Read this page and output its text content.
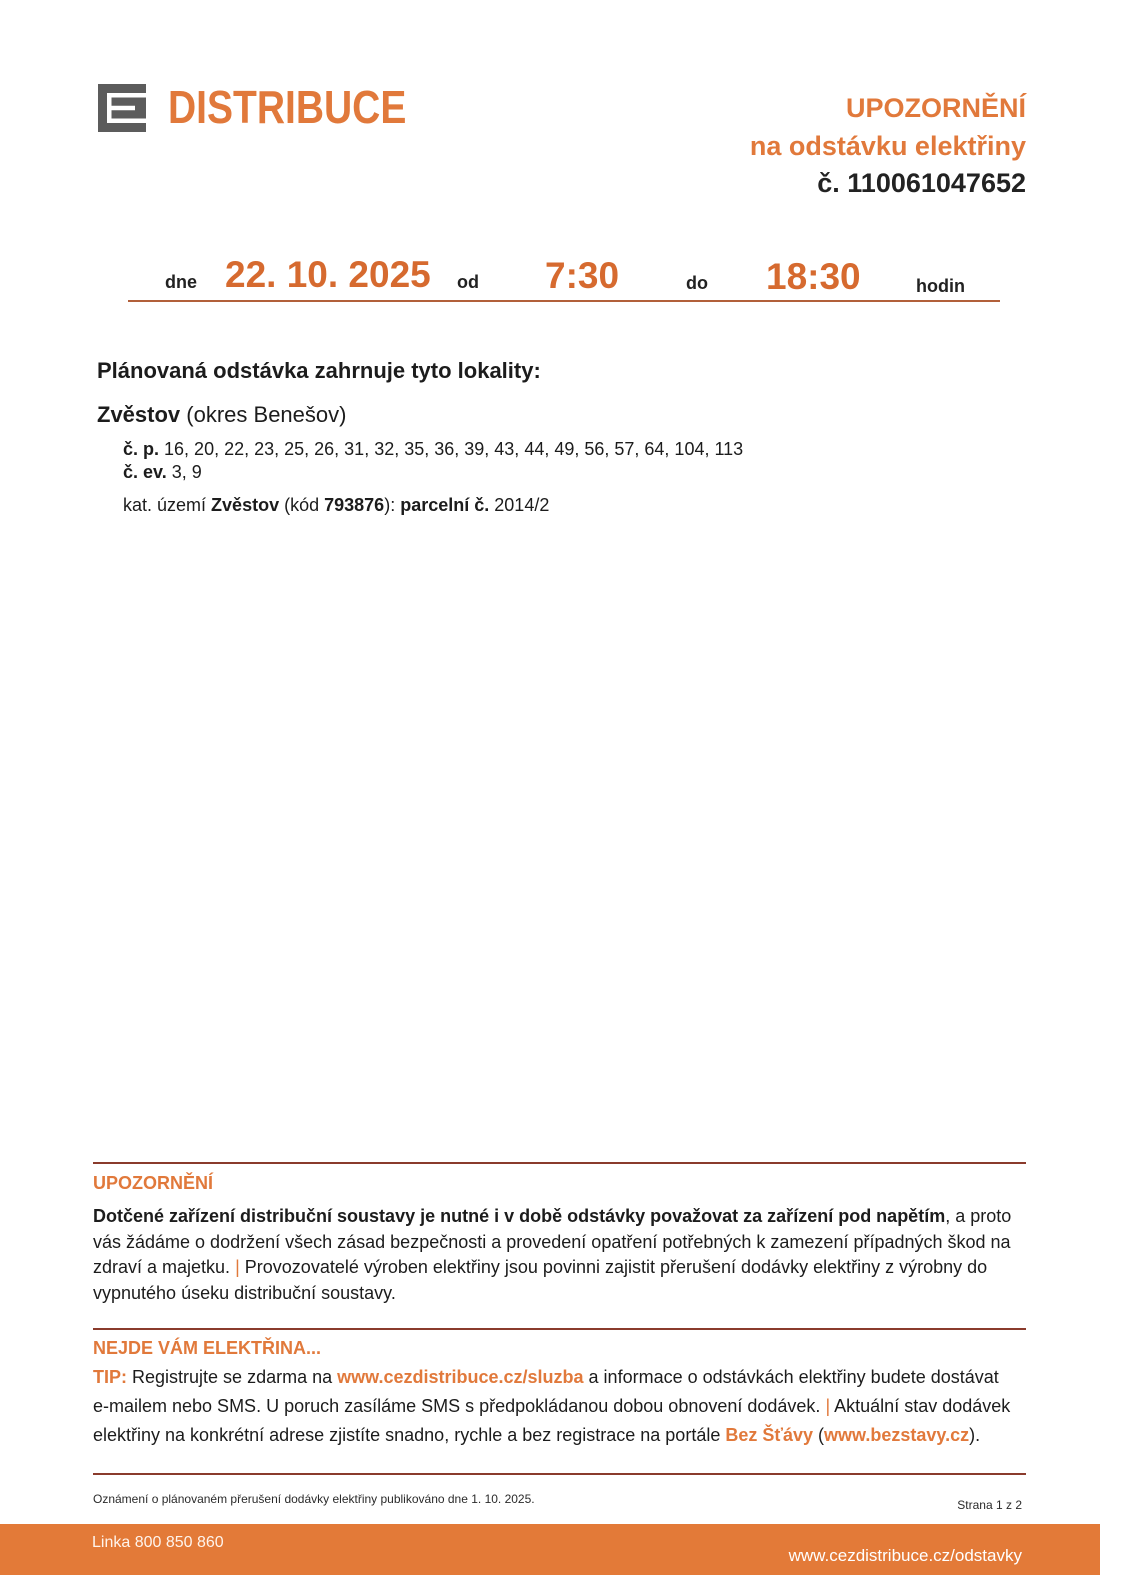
DISTRIBUCE	UPOZORNĚNÍ
na odstávku elektřiny
č. 110061047652
dne 22. 10. 2025 od 7:30	do 18:30	hodin
Plánovaná odstávka zahrnuje tyto lokality:
Zvěstov (okres Benešov)
č. p. 16, 20, 22, 23, 25, 26, 31, 32, 35, 36, 39, 43, 44, 49, 56, 57, 64, 104, 113
č. ev. 3, 9
kat. území Zvěstov (kód 793876): parcelní č. 2014/2
UPOZORNĚNÍ
Dotčené zařízení distribuční soustavy je nutné i v době odstávky považovat za zařízení pod napětím, a proto
vás žádáme o dodržení všech zásad bezpečnosti a provedení opatření potřebných k zamezení případných škod na
zdraví a majetku. | Provozovatelé výroben elektřiny jsou povinni zajistit přerušení dodávky elektřiny z výrobny do
vypnutého úseku distribuční soustavy.
NEJDE VÁM ELEKTŘINA...
TIP: Registrujte se zdarma na www.cezdistribuce.cz/sluzba a informace o odstávkách elektřiny budete dostávat
e-mailem nebo SMS. U poruch zasíláme SMS s předpokládanou dobou obnovení dodávek. | Aktuální stav dodávek
elektřiny na konkrétní adrese zjistíte snadno, rychle a bez registrace na portále Bez Šťávy (www.bezstavy.cz).
Oznámení o plánovaném přerušení dodávky elektřiny publikováno dne 1. 10. 2025.	Strana 1 z 2
Linka 800 850 860
www.cezdistribuce.cz/odstavky
